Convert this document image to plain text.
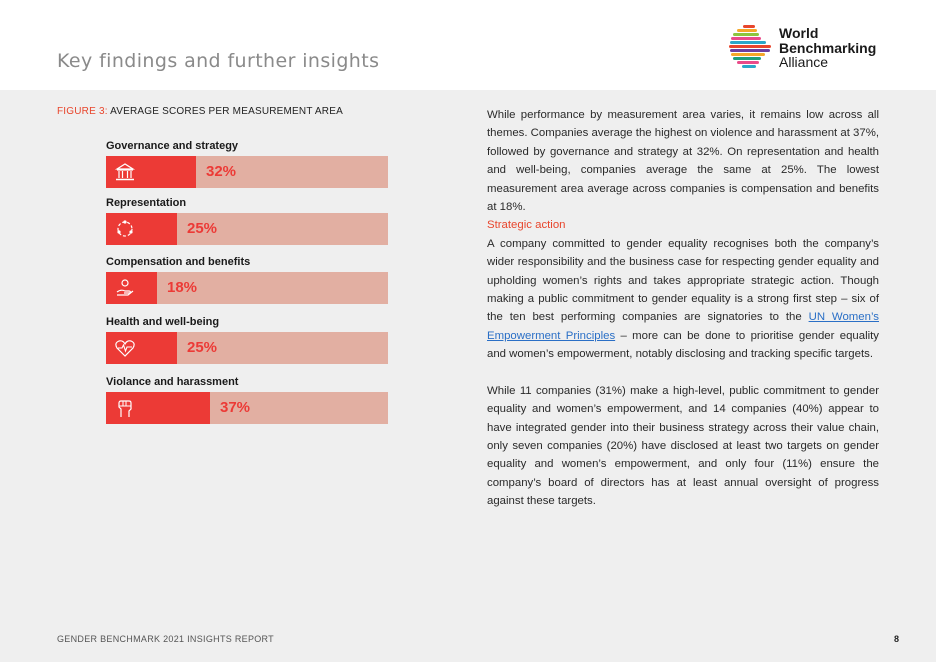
Key findings and further insights
World
Benchmarking
Alliance
FIGURE 3: AVERAGE SCORES PER MEASUREMENT AREA
Governance and strategy
32%
Representation
25%
Compensation and benefits
18%
Health and well-being
25%
Violance and harassment
37%

While performance by measurement area varies, it remains low across all themes. Companies average the highest on violence and harassment at 37%, followed by governance and strategy at 32%. On representation and health and well-being, companies average the same at 25%. The lowest measurement area average across companies is compensation and benefits at 18%.

Strategic action

A company committed to gender equality recognises both the company’s wider responsibility and the business case for respecting gender equality and upholding women’s rights and takes appropriate strategic action. Though making a public commitment to gender equality is a strong first step – six of the ten best performing companies are signatories to the UN Women’s Empowerment Principles – more can be done to prioritise gender equality and women’s empowerment, notably disclosing and tracking specific targets.

While 11 companies (31%) make a high-level, public commitment to gender equality and women’s empowerment, and 14 companies (40%) appear to have integrated gender into their business strategy across their value chain, only seven companies (20%) have disclosed at least two targets on gender equality and women’s empowerment, and only four (11%) ensure the company’s board of directors has at least annual oversight of progress against these targets.

GENDER BENCHMARK 2021 INSIGHTS REPORT	8
